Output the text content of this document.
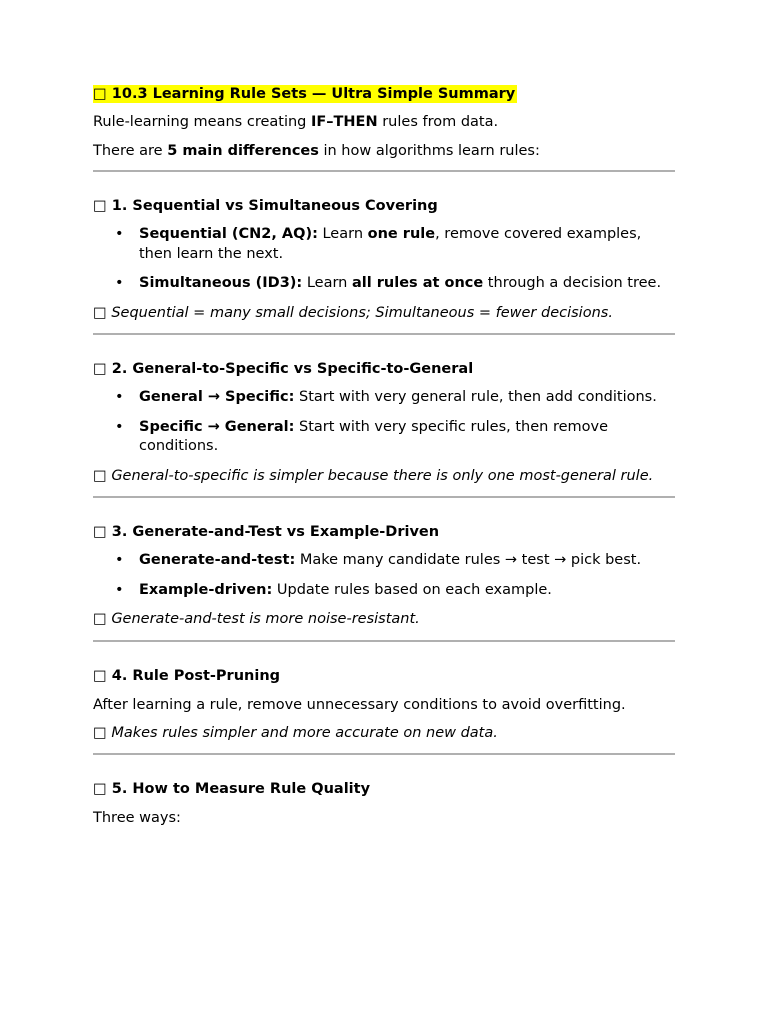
□ 10.3 Learning Rule Sets — Ultra Simple Summary

Rule-learning means creating IF–THEN rules from data.

There are 5 main differences in how algorithms learn rules:

□ 1. Sequential vs Simultaneous Covering
• Sequential (CN2, AQ): Learn one rule, remove covered examples, then learn the next.
• Simultaneous (ID3): Learn all rules at once through a decision tree.

□ Sequential = many small decisions; Simultaneous = fewer decisions.

□ 2. General-to-Specific vs Specific-to-General
• General → Specific: Start with very general rule, then add conditions.
• Specific → General: Start with very specific rules, then remove conditions.

□ General-to-specific is simpler because there is only one most-general rule.

□ 3. Generate-and-Test vs Example-Driven
• Generate-and-test: Make many candidate rules → test → pick best.
• Example-driven: Update rules based on each example.

□ Generate-and-test is more noise-resistant.

□ 4. Rule Post-Pruning

After learning a rule, remove unnecessary conditions to avoid overfitting.

□ Makes rules simpler and more accurate on new data.

□ 5. How to Measure Rule Quality

Three ways:
